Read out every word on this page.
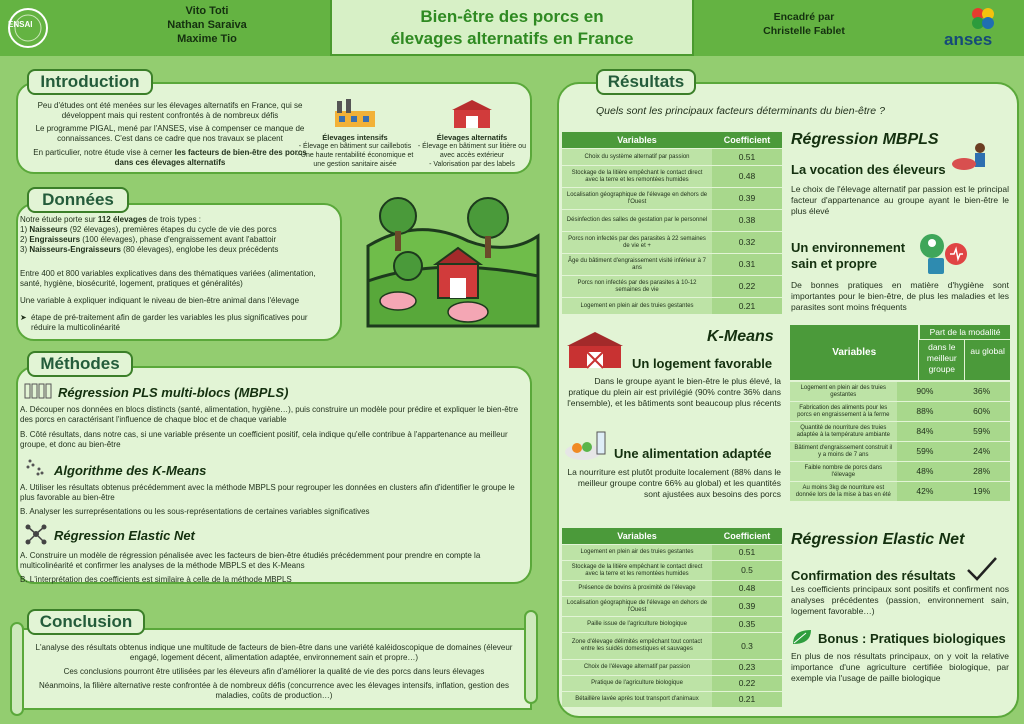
ENSAI
Vito Toti
Nathan Saraiva
Maxime Tio
Bien-être des porcs en
élevages alternatifs en France
Encadré par
Christelle Fablet	anses
Introduction
Peu d'études ont été menées sur les élevages alternatifs en France, qui se développent mais qui restent confrontés à de nombreux défis
Le programme PIGAL, mené par l'ANSES, vise à compenser ce manque de connaissances. C'est dans ce cadre que nos travaux se placent
En particulier, notre étude vise à cerner les facteurs de bien-être des porcs dans ces élevages alternatifs
Élevages intensifs
- Élevage en bâtiment sur caillebotis
- Une haute rentabilité économique et une gestion sanitaire aisée
Élevages alternatifs
- Élevage en bâtiment sur litière ou avec accès extérieur
- Valorisation par des labels
Données
Notre étude porte sur 112 élevages de trois types :
1) Naisseurs (92 élevages), premières étapes du cycle de vie des porcs
2) Engraisseurs (100 élevages), phase d'engraissement avant l'abattoir
3) Naisseurs-Engraisseurs (80 élevages), englobe les deux précédents
Entre 400 et 800 variables explicatives dans des thématiques variées (alimentation, santé, hygiène, biosécurité, logement, pratiques et généralités)
Une variable à expliquer indiquant le niveau de bien-être animal dans l'élevage
➤ étape de pré-traitement afin de garder les variables les plus significatives pour réduire la multicolinéarité
Méthodes
Régression PLS multi-blocs (MBPLS)
A. Découper nos données en blocs distincts (santé, alimentation, hygiène…), puis construire un modèle pour prédire et expliquer le bien-être des porcs en caractérisant l'influence de chaque bloc et de chaque variable
B. Côté résultats, dans notre cas, si une variable présente un coefficient positif, cela indique qu'elle contribue à l'appartenance au meilleur groupe, et donc au bien-être
Algorithme des K-Means
A. Utiliser les résultats obtenus précédemment avec la méthode MBPLS pour regrouper les données en clusters afin d'identifier le groupe le plus favorable au bien-être
B. Analyser les surreprésentations ou les sous-représentations de certaines variables significatives
Régression Elastic Net
A. Construire un modèle de régression pénalisée avec les facteurs de bien-être étudiés précédemment pour prendre en compte la multicolinéarité et confirmer les analyses de la méthode MBPLS et des K-Means
B. L'interprétation des coefficients est similaire à celle de la méthode MBPLS
Conclusion
L'analyse des résultats obtenus indique une multitude de facteurs de bien-être dans une variété kaléidoscopique de domaines (éleveur engagé, logement décent, alimentation adaptée, environnement sain et propre…)
Ces conclusions pourront être utilisées par les éleveurs afin d'améliorer la qualité de vie des porcs dans leurs élevages
Néanmoins, la filière alternative reste confrontée à de nombreux défis (concurrence avec les élevages intensifs, inflation, gestion des maladies, coûts de production…)
Résultats
Quels sont les principaux facteurs déterminants du bien-être ?
Variables	Coefficient
Choix du système alternatif par passion	0.51
Stockage de la litière empêchant le contact direct avec la terre et les remontées humides	0.48
Localisation géographique de l'élevage en dehors de l'Ouest	0.39
Désinfection des salles de gestation par le personnel	0.38
Porcs non infectés par des parasites à 22 semaines de vie et +	0.32
Âge du bâtiment d'engraissement visité inférieur à 7 ans	0.31
Porcs non infectés par des parasites à 10-12 semaines de vie	0.22
Logement en plein air des truies gestantes	0.21
Régression MBPLS
La vocation des éleveurs
Le choix de l'élevage alternatif par passion est le principal facteur d'appartenance au groupe ayant le bien-être le plus élevé
Un environnement
sain et propre
De bonnes pratiques en matière d'hygiène sont importantes pour le bien-être, de plus les maladies et les parasites sont moins fréquents
K-Means
Un logement favorable
Dans le groupe ayant le bien-être le plus élevé, la pratique du plein air est privilégié (90% contre 36% dans l'ensemble), et les bâtiments sont beaucoup plus récents
Une alimentation adaptée
La nourriture est plutôt produite localement (88% dans le meilleur groupe contre 66% au global) et les quantités sont ajustées aux besoins des porcs
Part de la modalité
Variables	dans le meilleur groupe
au global
Logement en plein air des truies gestantes	90%	36%
Fabrication des aliments pour les porcs en engraissement à la ferme	88%	60%
Quantité de nourriture des truies adaptée à la température ambiante	84%	59%
Bâtiment d'engraissement construit il y a moins de 7 ans	59%	24%
Faible nombre de porcs dans l'élevage	48%	28%
Au moins 3kg de nourriture est donnée lors de la mise à bas en été	42%	19%
Variables	Coefficient
Logement en plein air des truies gestantes	0.51
Stockage de la litière empêchant le contact direct avec la terre et les remontées humides	0.5
Présence de bovins à proximité de l'élevage	0.48
Localisation géographique de l'élevage en dehors de l'Ouest	0.39
Paille issue de l'agriculture biologique	0.35
Zone d'élevage délimités empêchant tout contact entre les suidés domestiques et sauvages	0.3
Choix de l'élevage alternatif par passion	0.23
Pratique de l'agriculture biologique	0.22
Bétaillère lavée après tout transport d'animaux	0.21
Régression Elastic Net
Confirmation des résultats
Les coefficients principaux sont positifs et confirment nos analyses précédentes (passion, environnement sain, logement favorable…)
Bonus : Pratiques biologiques
En plus de nos résultats principaux, on y voit la relative importance d'une agriculture certifiée biologique, par exemple via l'usage de paille biologique
